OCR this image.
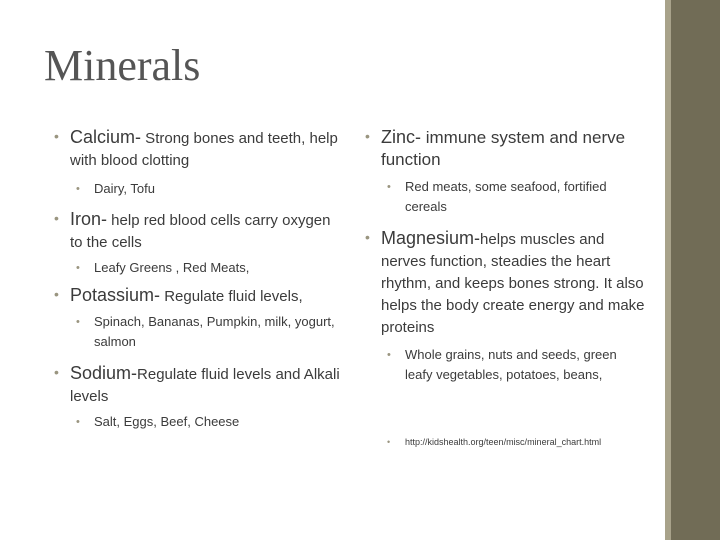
Minerals
• Calcium- Strong bones and teeth, help with blood clotting
• Dairy, Tofu
• Iron- help red blood cells carry oxygen to the cells
• Leafy Greens , Red Meats,
• Potassium- Regulate fluid levels,
• Spinach, Bananas, Pumpkin, milk, yogurt, salmon
• Sodium-Regulate fluid levels and Alkali levels
• Salt, Eggs, Beef, Cheese
• Zinc- immune system and nerve function
• Red meats, some seafood, fortified cereals
• Magnesium-helps muscles and nerves function, steadies the heart rhythm, and keeps bones strong. It also helps the body create energy and make proteins
• Whole grains, nuts and seeds, green leafy vegetables, potatoes, beans,
• http://kidshealth.org/teen/misc/mineral_chart.html
